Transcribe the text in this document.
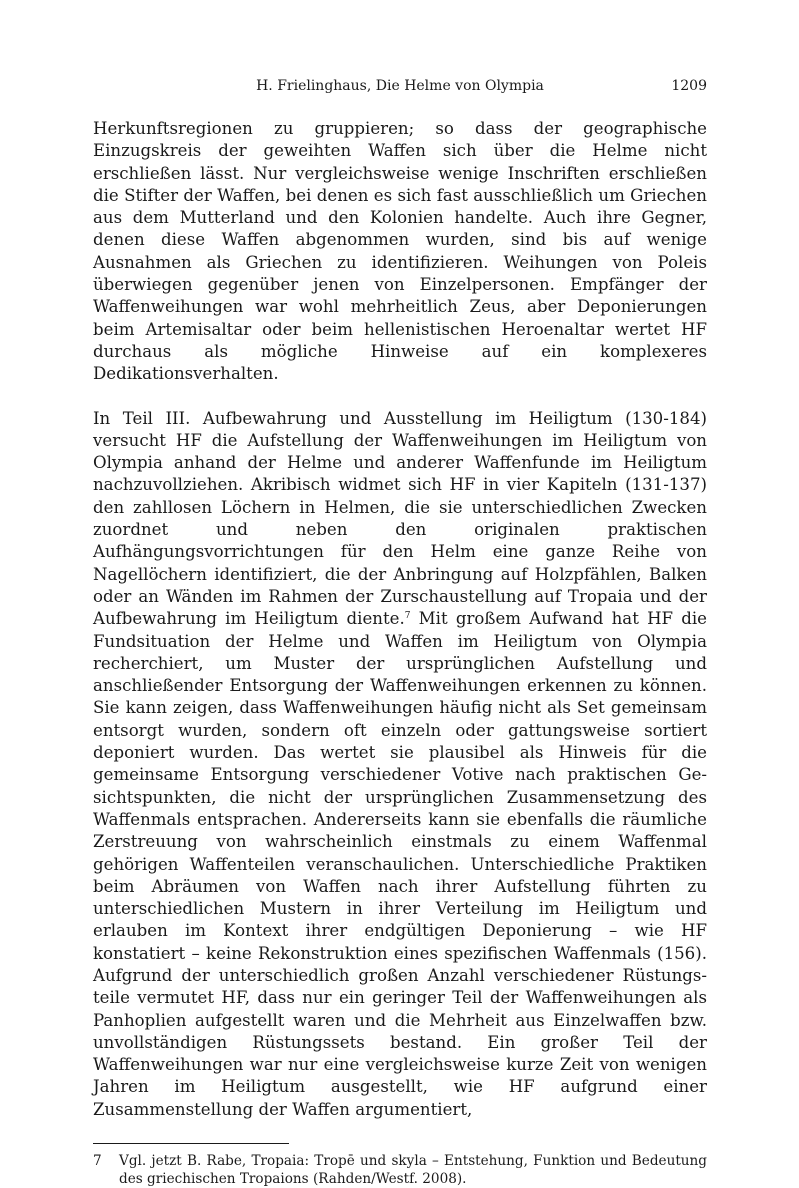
H. Frielinghaus, Die Helme von Olympia	1209

Herkunftsregionen zu gruppieren; so dass der geographische Einzugskreis der geweihten Waffen sich über die Helme nicht erschließen lässt. Nur vergleichsweise wenige Inschriften erschließen die Stifter der Waffen, bei denen es sich fast ausschließlich um Griechen aus dem Mutterland und den Kolonien handelte. Auch ihre Gegner, denen diese Waffen abgenommen wurden, sind bis auf wenige Ausnahmen als Griechen zu identifizieren. Weihungen von Poleis überwiegen gegenüber jenen von Einzelpersonen. Empfänger der Waffenweihungen war wohl mehrheitlich Zeus, aber Deponierungen beim Artemisaltar oder beim hellenistischen Heroenaltar wertet HF durchaus als mögliche Hinweise auf ein komplexeres Dedikationsverhalten.

In Teil III. Aufbewahrung und Ausstellung im Heiligtum (130-184) versucht HF die Aufstellung der Waffenweihungen im Heiligtum von Olympia anhand der Helme und anderer Waffenfunde im Heiligtum nachzuvollziehen. Akribisch widmet sich HF in vier Kapiteln (131-137) den zahllosen Löchern in Helmen, die sie unterschiedlichen Zwecken zuordnet und neben den originalen praktischen Aufhängungsvorrichtungen für den Helm eine ganze Reihe von Nagellöchern identifiziert, die der Anbringung auf Holzpfählen, Balken oder an Wänden im Rahmen der Zurschaustellung auf Tropaia und der Aufbewahrung im Heiligtum diente.$^7$ Mit großem Aufwand hat HF die Fundsituation der Helme und Waffen im Heiligtum von Olympia recherchiert, um Muster der ursprünglichen Aufstellung und anschließender Entsorgung der Waffenweihungen erkennen zu können. Sie kann zeigen, dass Waffenweihungen häufig nicht als Set gemeinsam entsorgt wurden, sondern oft einzeln oder gattungsweise sortiert deponiert wurden. Das wertet sie plausibel als Hinweis für die gemeinsame Entsorgung verschiedener Votive nach praktischen Gesichtspunkten, die nicht der ursprünglichen Zusammensetzung des Waffenmals entsprachen. Andererseits kann sie ebenfalls die räumliche Zerstreuung von wahrscheinlich einstmals zu einem Waffenmal gehörigen Waffenteilen veranschaulichen. Unterschiedliche Praktiken beim Abräumen von Waffen nach ihrer Aufstellung führten zu unterschiedlichen Mustern in ihrer Verteilung im Heiligtum und erlauben im Kontext ihrer endgültigen Deponierung – wie HF konstatiert – keine Rekonstruktion eines spezifischen Waffenmals (156). Aufgrund der unterschiedlich großen Anzahl verschiedener Rüstungsteile vermutet HF, dass nur ein geringer Teil der Waffenweihungen als Panhoplien aufgestellt waren und die Mehrheit aus Einzelwaffen bzw. unvollständigen Rüstungssets bestand. Ein großer Teil der Waffenweihungen war nur eine vergleichsweise kurze Zeit von wenigen Jahren im Heiligtum ausgestellt, wie HF aufgrund einer Zusammenstellung der Waffen argumentiert,

7 Vgl. jetzt B. Rabe, Tropaia: Tropē und skyla – Entstehung, Funktion und Bedeutung des griechischen Tropaions (Rahden/Westf. 2008).
